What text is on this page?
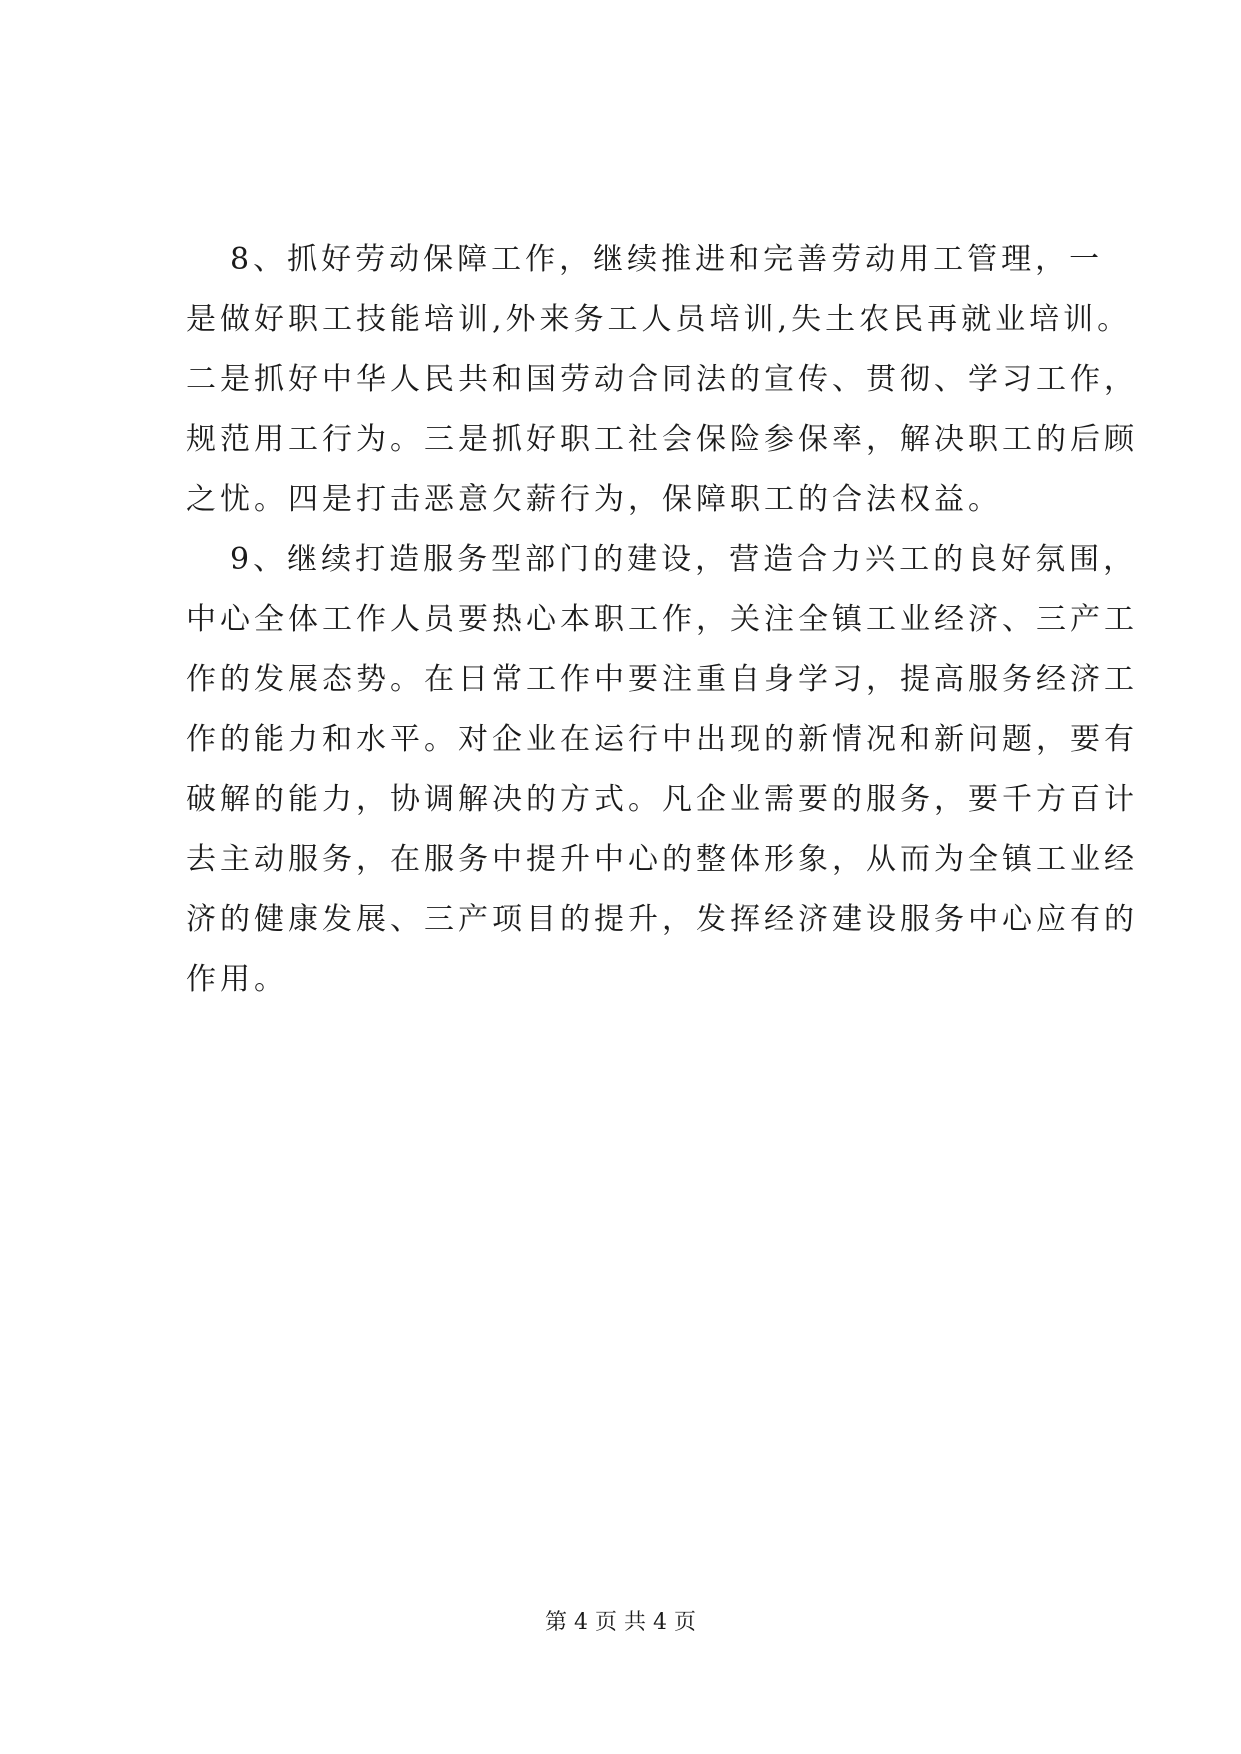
8、抓好劳动保障工作，继续推进和完善劳动用工管理，一
是做好职工技能培训,外来务工人员培训,失土农民再就业培训。
二是抓好中华人民共和国劳动合同法的宣传、贯彻、学习工作，
规范用工行为。三是抓好职工社会保险参保率，解决职工的后顾
之忧。四是打击恶意欠薪行为，保障职工的合法权益。
9、继续打造服务型部门的建设，营造合力兴工的良好氛围，
中心全体工作人员要热心本职工作，关注全镇工业经济、三产工
作的发展态势。在日常工作中要注重自身学习，提高服务经济工
作的能力和水平。对企业在运行中出现的新情况和新问题，要有
破解的能力，协调解决的方式。凡企业需要的服务，要千方百计
去主动服务，在服务中提升中心的整体形象，从而为全镇工业经
济的健康发展、三产项目的提升，发挥经济建设服务中心应有的
作用。
第 4 页 共 4 页
